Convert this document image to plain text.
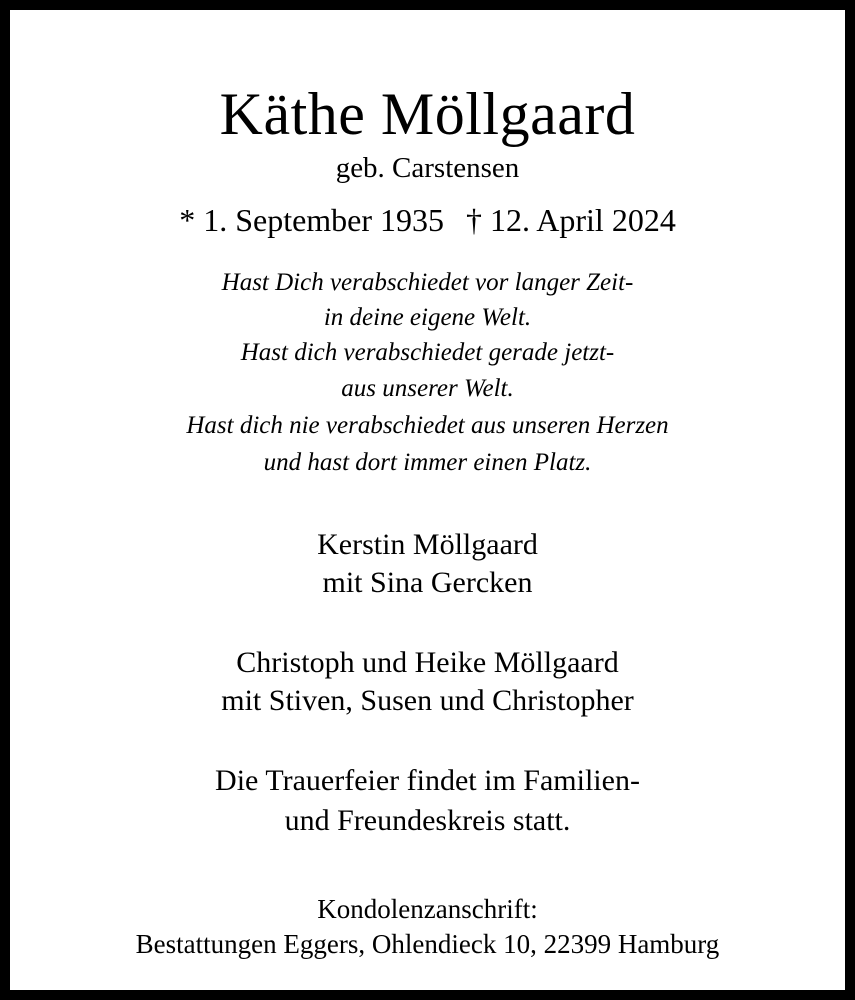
Käthe Möllgaard
geb. Carstensen
* 1. September 1935 † 12. April 2024
Hast Dich verabschiedet vor langer Zeit-
in deine eigene Welt.
Hast dich verabschiedet gerade jetzt-
aus unserer Welt.
Hast dich nie verabschiedet aus unseren Herzen
und hast dort immer einen Platz.
Kerstin Möllgaard
mit Sina Gercken
Christoph und Heike Möllgaard
mit Stiven, Susen und Christopher
Die Trauerfeier findet im Familien-
und Freundeskreis statt.
Kondolenzanschrift:
Bestattungen Eggers, Ohlendieck 10, 22399 Hamburg
